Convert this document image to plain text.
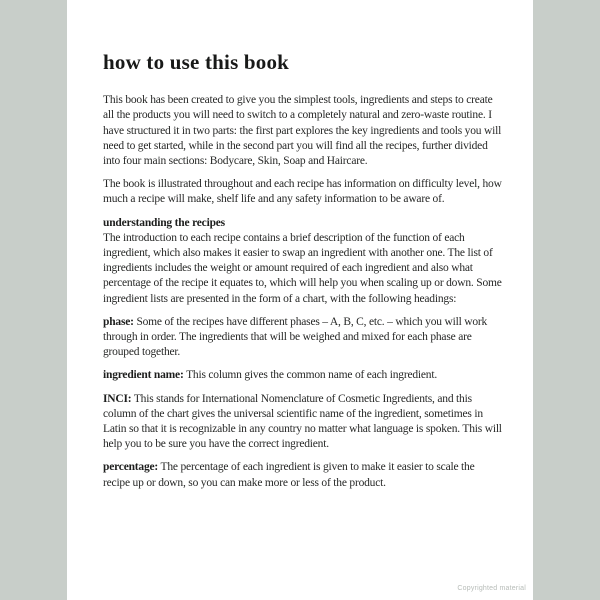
how to use this book

This book has been created to give you the simplest tools, ingredients and steps to create all the products you will need to switch to a completely natural and zero-waste routine. I have structured it in two parts: the first part explores the key ingredients and tools you will need to get started, while in the second part you will find all the recipes, further divided into four main sections: Bodycare, Skin, Soap and Haircare.

The book is illustrated throughout and each recipe has information on difficulty level, how much a recipe will make, shelf life and any safety information to be aware of.

understanding the recipes

The introduction to each recipe contains a brief description of the function of each ingredient, which also makes it easier to swap an ingredient with another one. The list of ingredients includes the weight or amount required of each ingredient and also what percentage of the recipe it equates to, which will help you when scaling up or down. Some ingredient lists are presented in the form of a chart, with the following headings:

phase: Some of the recipes have different phases – A, B, C, etc. – which you will work through in order. The ingredients that will be weighed and mixed for each phase are grouped together.

ingredient name: This column gives the common name of each ingredient.

INCI: This stands for International Nomenclature of Cosmetic Ingredients, and this column of the chart gives the universal scientific name of the ingredient, sometimes in Latin so that it is recognizable in any country no matter what language is spoken. This will help you to be sure you have the correct ingredient.

percentage: The percentage of each ingredient is given to make it easier to scale the recipe up or down, so you can make more or less of the product.

Copyrighted material
